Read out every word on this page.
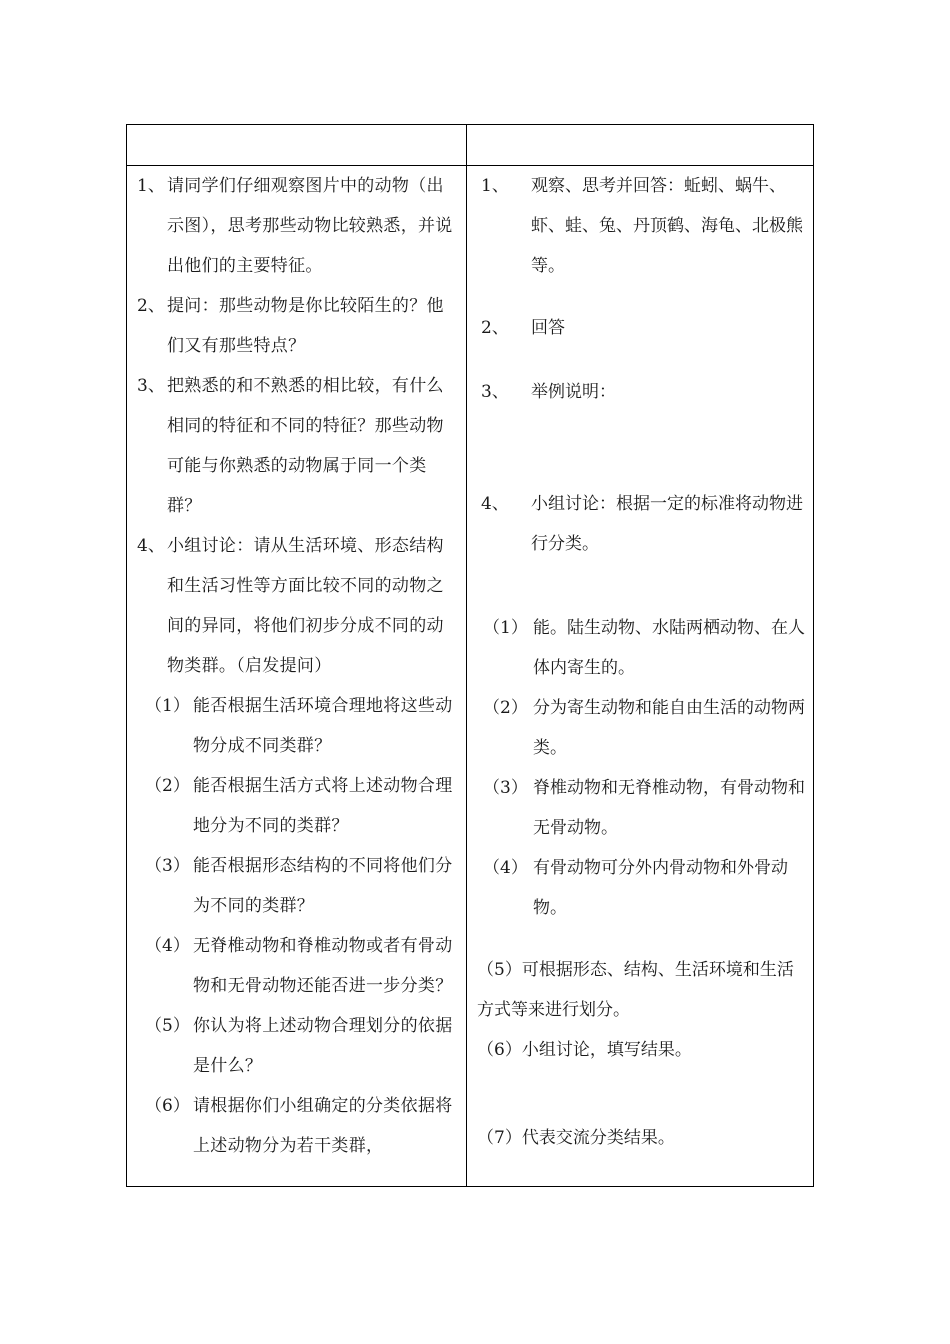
1、 请同学们仔细观察图片中的动物（出示图），思考那些动物比较熟悉，并说出他们的主要特征。
2、 提问：那些动物是你比较陌生的？他们又有那些特点？
3、 把熟悉的和不熟悉的相比较，有什么相同的特征和不同的特征？那些动物可能与你熟悉的动物属于同一个类群？
4、 小组讨论：请从生活环境、形态结构和生活习性等方面比较不同的动物之间的异同，将他们初步分成不同的动物类群。（启发提问）
（1） 能否根据生活环境合理地将这些动物分成不同类群？
（2） 能否根据生活方式将上述动物合理地分为不同的类群？
（3） 能否根据形态结构的不同将他们分为不同的类群？
（4） 无脊椎动物和脊椎动物或者有骨动物和无骨动物还能否进一步分类？
（5） 你认为将上述动物合理划分的依据是什么？
（6） 请根据你们小组确定的分类依据将上述动物分为若干类群，
1、 观察、思考并回答：蚯蚓、蜗牛、虾、蛙、兔、丹顶鹤、海龟、北极熊等。
2、 回答
3、 举例说明：
4、	小组讨论：根据一定的标准将动物进行分类。
（1） 能。陆生动物、水陆两栖动物、在人体内寄生的。
（2） 分为寄生动物和能自由生活的动物两类。
（3） 脊椎动物和无脊椎动物，有骨动物和无骨动物。
（4） 有骨动物可分外内骨动物和外骨动物。
（5）可根据形态、结构、生活环境和生活方式等来进行划分。
（6）小组讨论，填写结果。
（7）代表交流分类结果。
